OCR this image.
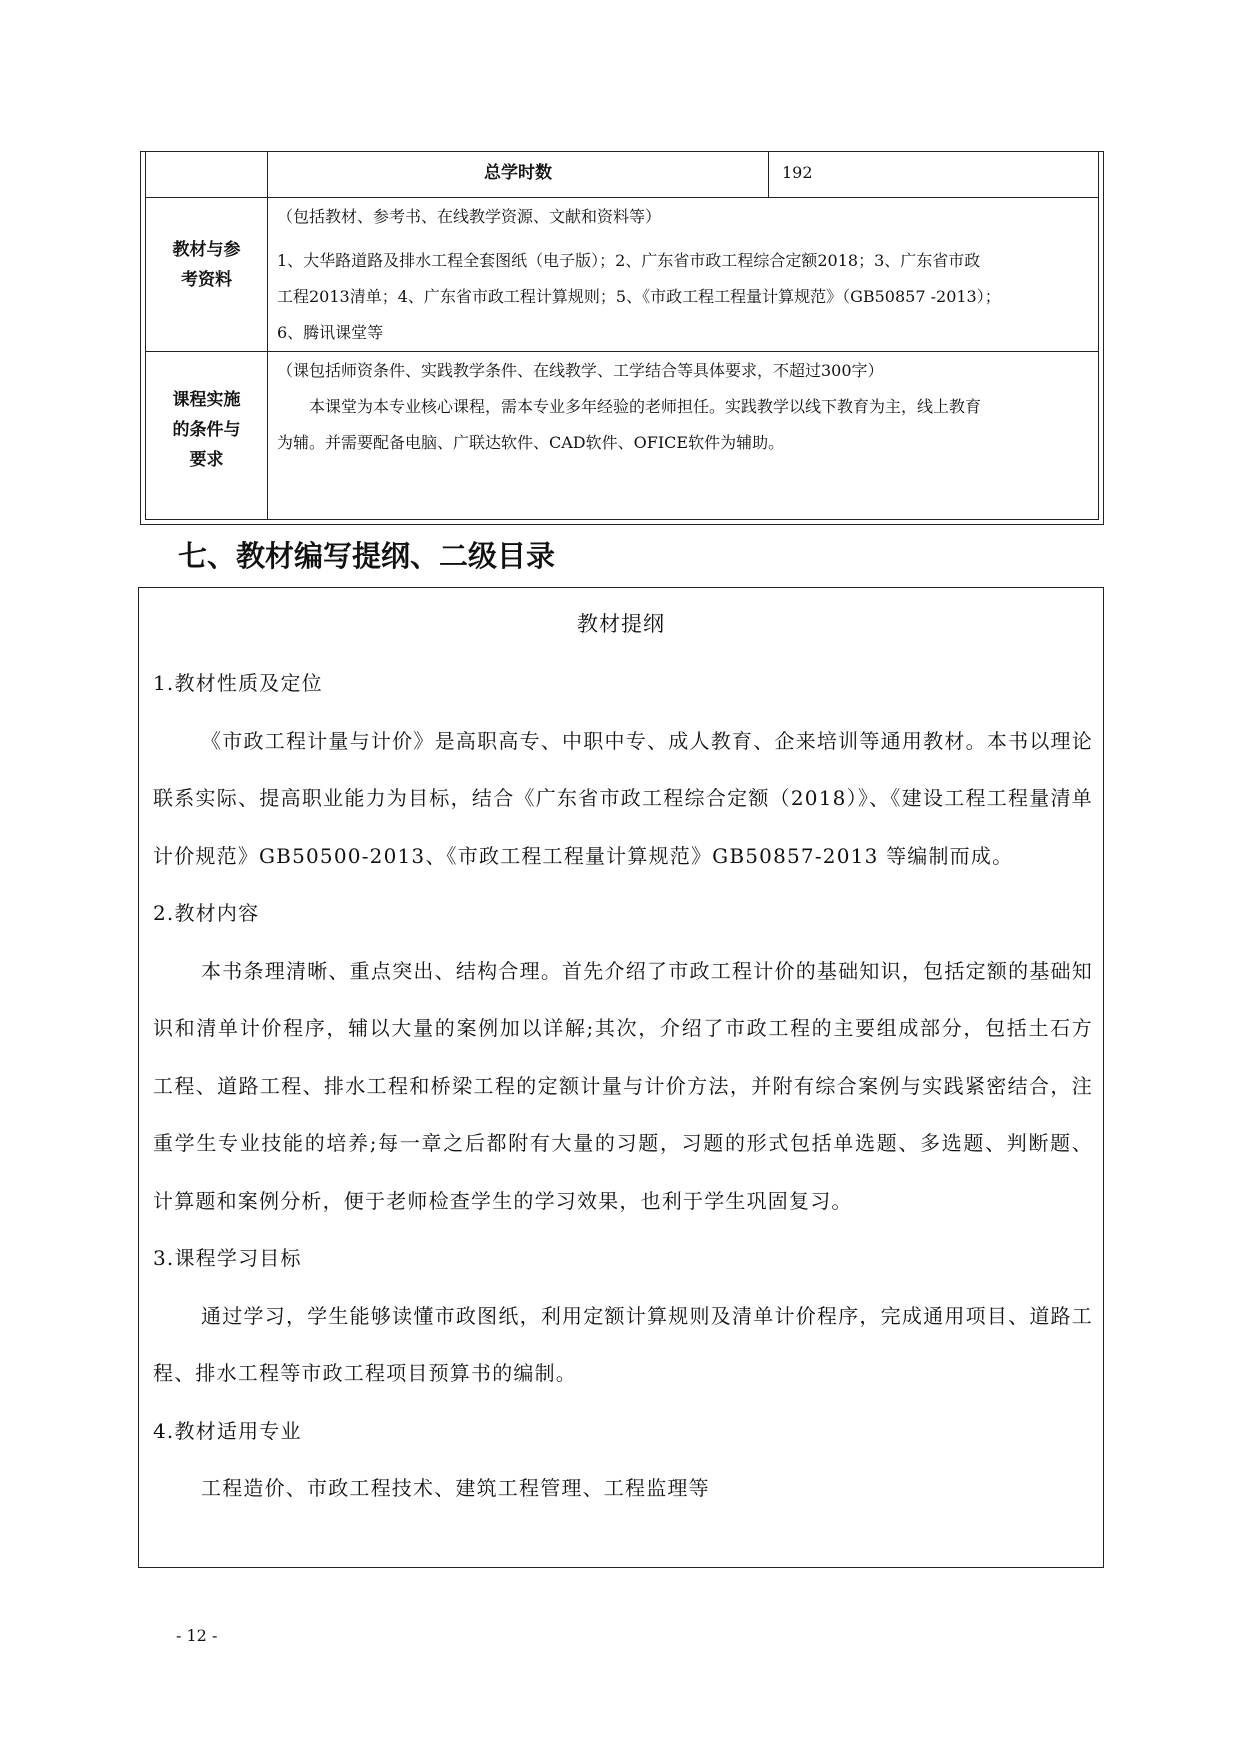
总学时数	192
教材与参
考资料
（包括教材、参考书、在线教学资源、文献和资料等）
1、大华路道路及排水工程全套图纸（电子版）；2、广东省市政工程综合定额2018；3、广东省市政
工程2013清单；4、广东省市政工程计算规则；5、《市政工程工程量计算规范》（GB50857 -2013）；
6、腾讯课堂等
课程实施
的条件与
要求
（课包括师资条件、实践教学条件、在线教学、工学结合等具体要求，不超过300字）
本课堂为本专业核心课程，需本专业多年经验的老师担任。实践教学以线下教育为主，线上教育
为辅。并需要配备电脑、广联达软件、CAD软件、OFICE软件为辅助。
七、教材编写提纲、二级目录
教材提纲

1.教材性质及定位

《市政工程计量与计价》是高职高专、中职中专、成人教育、企来培训等通用教材。本书以理论联系实际、提高职业能力为目标，结合《广东省市政工程综合定额（2018）》、《建设工程工程量清单计价规范》GB50500-2013、《市政工程工程量计算规范》GB50857-2013 等编制而成。

2.教材内容

本书条理清晰、重点突出、结构合理。首先介绍了市政工程计价的基础知识，包括定额的基础知识和清单计价程序，辅以大量的案例加以详解;其次，介绍了市政工程的主要组成部分，包括土石方工程、道路工程、排水工程和桥梁工程的定额计量与计价方法，并附有综合案例与实践紧密结合，注重学生专业技能的培养;每一章之后都附有大量的习题，习题的形式包括单选题、多选题、判断题、计算题和案例分析，便于老师检查学生的学习效果，也利于学生巩固复习。

3.课程学习目标

通过学习，学生能够读懂市政图纸，利用定额计算规则及清单计价程序，完成通用项目、道路工程、排水工程等市政工程项目预算书的编制。

4.教材适用专业

工程造价、市政工程技术、建筑工程管理、工程监理等

- 12 -
